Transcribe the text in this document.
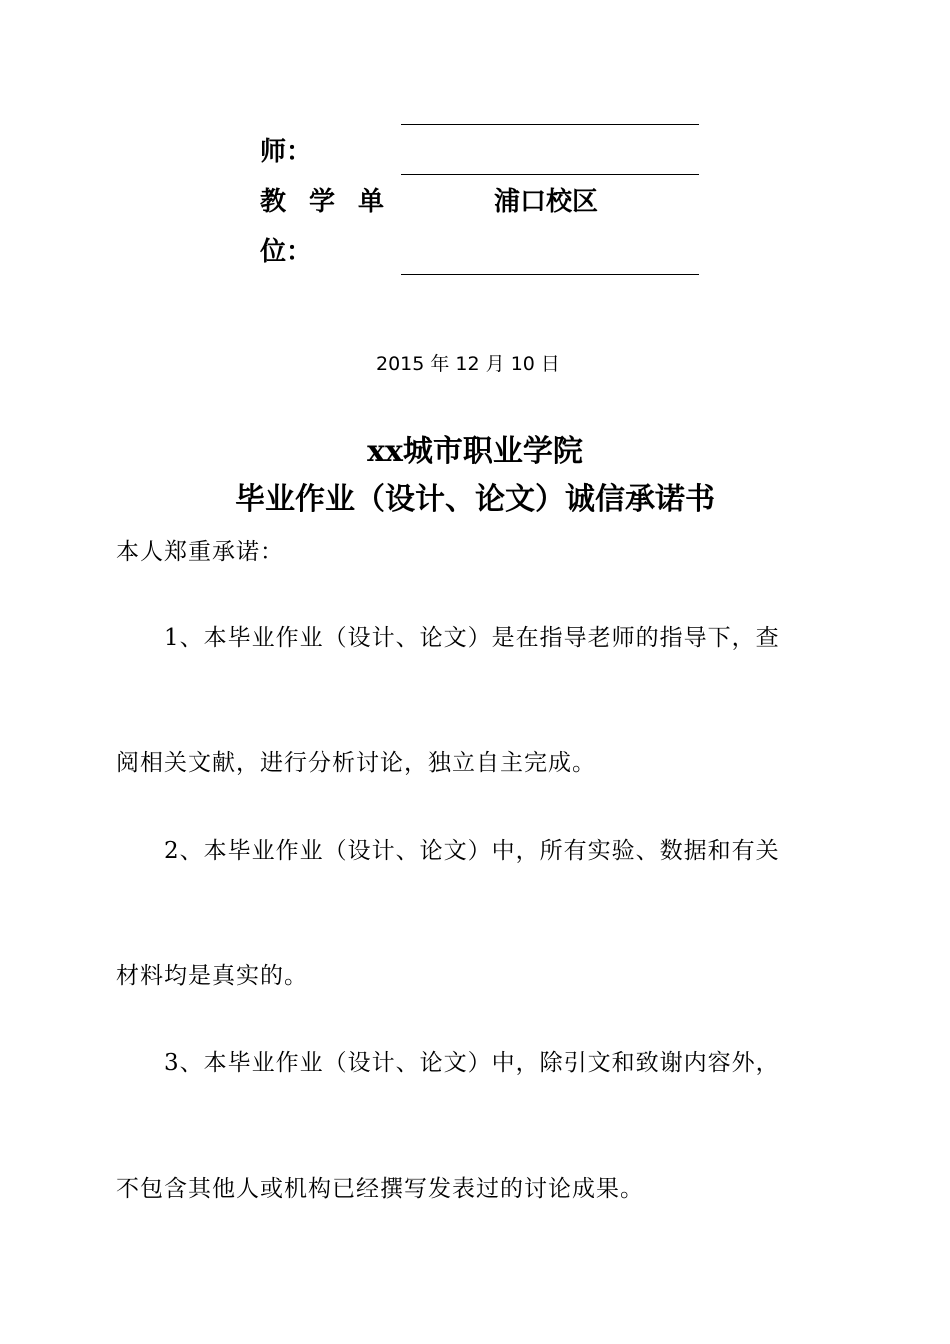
师：
教学单	浦口校区
位：
2015 年 12 月 10 日
xx城市职业学院
毕业作业（设计、论文）诚信承诺书
本人郑重承诺：
1、本毕业作业（设计、论文）是在指导老师的指导下，查
阅相关文献，进行分析讨论，独立自主完成。
2、本毕业作业（设计、论文）中，所有实验、数据和有关
材料均是真实的。
3、本毕业作业（设计、论文）中，除引文和致谢内容外，
不包含其他人或机构已经撰写发表过的讨论成果。
